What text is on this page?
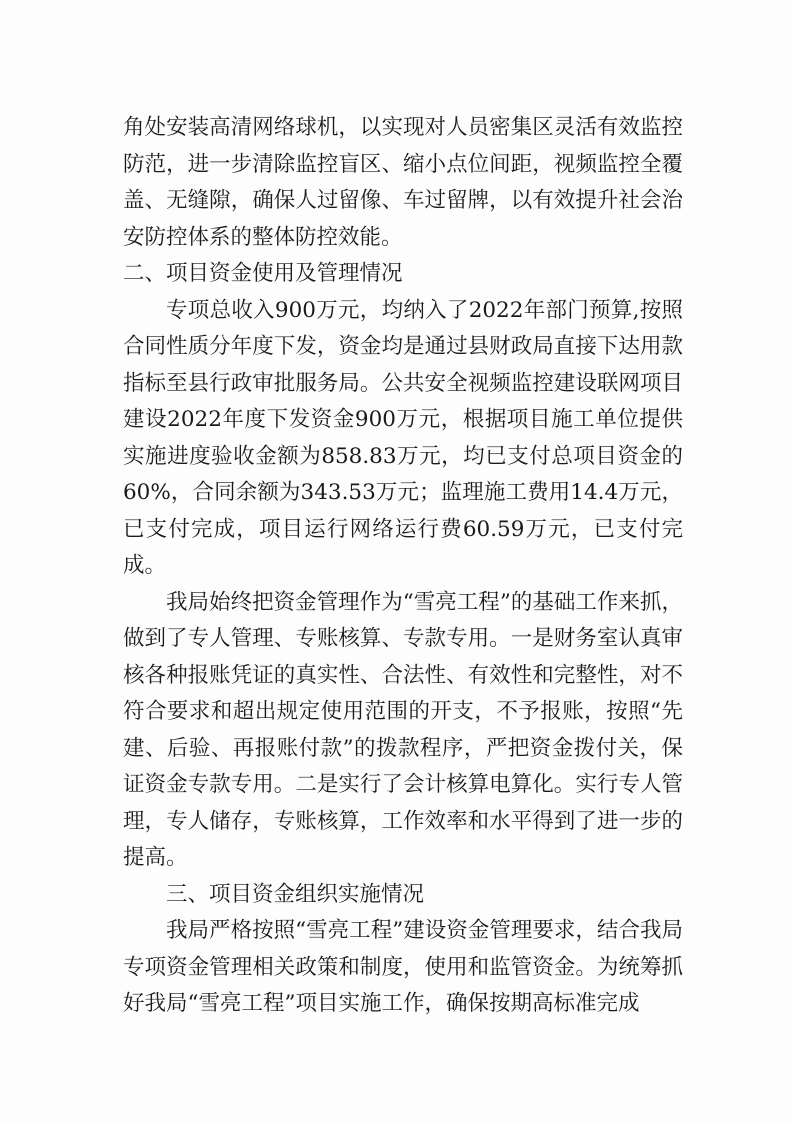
角处安装高清网络球机，以实现对人员密集区灵活有效监控防范，进一步清除监控盲区、缩小点位间距，视频监控全覆盖、无缝隙，确保人过留像、车过留牌，以有效提升社会治安防控体系的整体防控效能。

二、项目资金使用及管理情况

专项总收入900万元，均纳入了2022年部门预算,按照合同性质分年度下发，资金均是通过县财政局直接下达用款指标至县行政审批服务局。公共安全视频监控建设联网项目建设2022年度下发资金900万元，根据项目施工单位提供实施进度验收金额为858.83万元，均已支付总项目资金的60%，合同余额为343.53万元；监理施工费用14.4万元，已支付完成，项目运行网络运行费60.59万元，已支付完成。

我局始终把资金管理作为“雪亮工程”的基础工作来抓，做到了专人管理、专账核算、专款专用。一是财务室认真审核各种报账凭证的真实性、合法性、有效性和完整性，对不符合要求和超出规定使用范围的开支，不予报账，按照“先建、后验、再报账付款”的拨款程序，严把资金拨付关，保证资金专款专用。二是实行了会计核算电算化。实行专人管理，专人储存，专账核算，工作效率和水平得到了进一步的提高。

三、项目资金组织实施情况

我局严格按照“雪亮工程”建设资金管理要求，结合我局专项资金管理相关政策和制度，使用和监管资金。为统筹抓好我局“雪亮工程”项目实施工作，确保按期高标准完成
